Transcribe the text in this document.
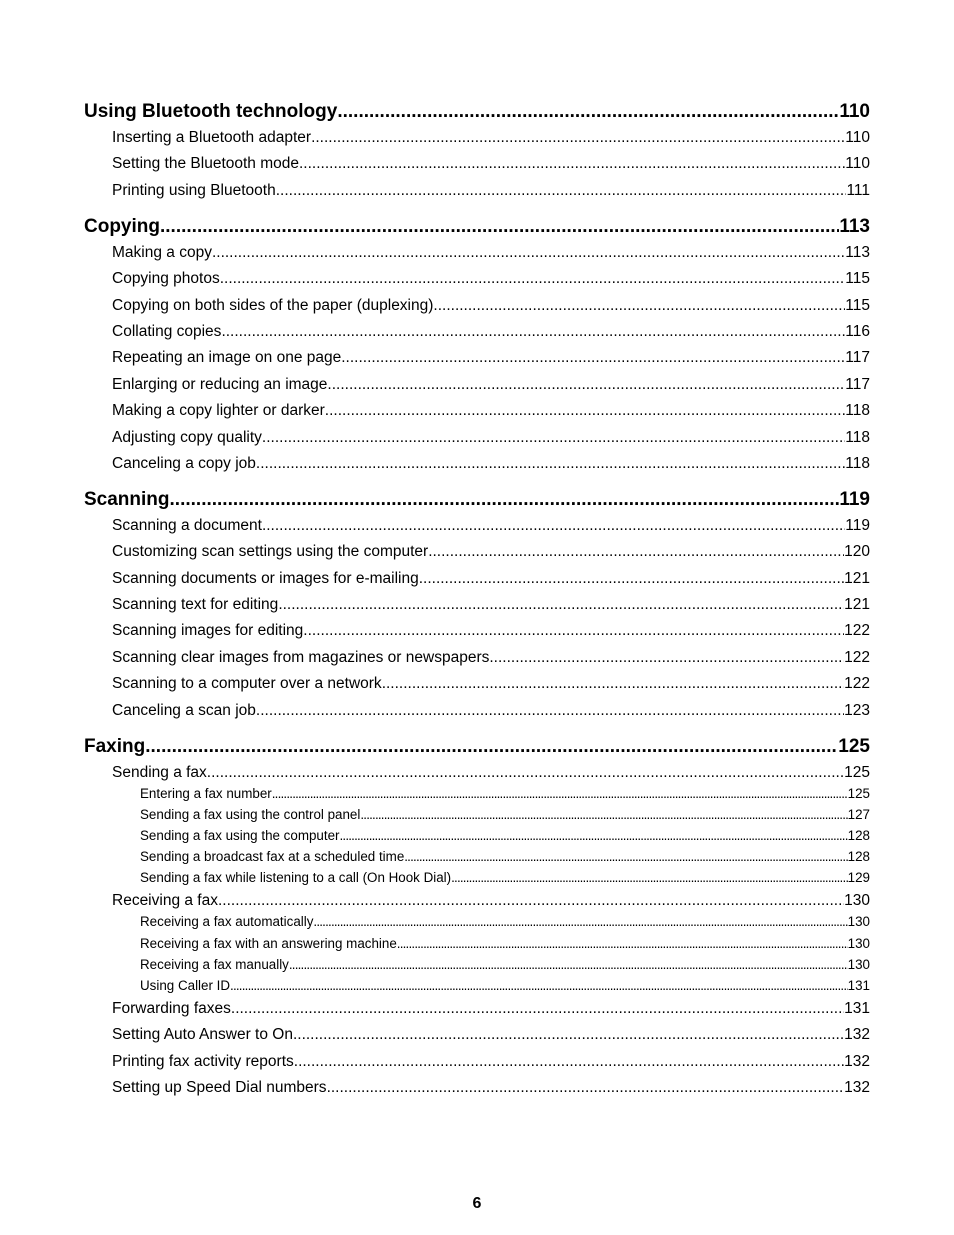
Using Bluetooth technology .....	110
Inserting a Bluetooth adapter .....	110
Setting the Bluetooth mode .....	110
Printing using Bluetooth .....	111
Copying .....	113
Making a copy .....	113
Copying photos .....	115
Copying on both sides of the paper (duplexing) .....	115
Collating copies .....	116
Repeating an image on one page .....	117
Enlarging or reducing an image .....	117
Making a copy lighter or darker .....	118
Adjusting copy quality .....	118
Canceling a copy job .....	118
Scanning .....	119
Scanning a document .....	119
Customizing scan settings using the computer .....	120
Scanning documents or images for e-mailing .....	121
Scanning text for editing .....	121
Scanning images for editing .....	122
Scanning clear images from magazines or newspapers .....	122
Scanning to a computer over a network .....	122
Canceling a scan job .....	123
Faxing .....	125
Sending a fax .....	125
Entering a fax number .....	125
Sending a fax using the control panel .....	127
Sending a fax using the computer .....	128
Sending a broadcast fax at a scheduled time .....	128
Sending a fax while listening to a call (On Hook Dial) .....	129
Receiving a fax .....	130
Receiving a fax automatically .....	130
Receiving a fax with an answering machine .....	130
Receiving a fax manually .....	130
Using Caller ID .....	131
Forwarding faxes .....	131
Setting Auto Answer to On .....	132
Printing fax activity reports .....	132
Setting up Speed Dial numbers .....	132
6
